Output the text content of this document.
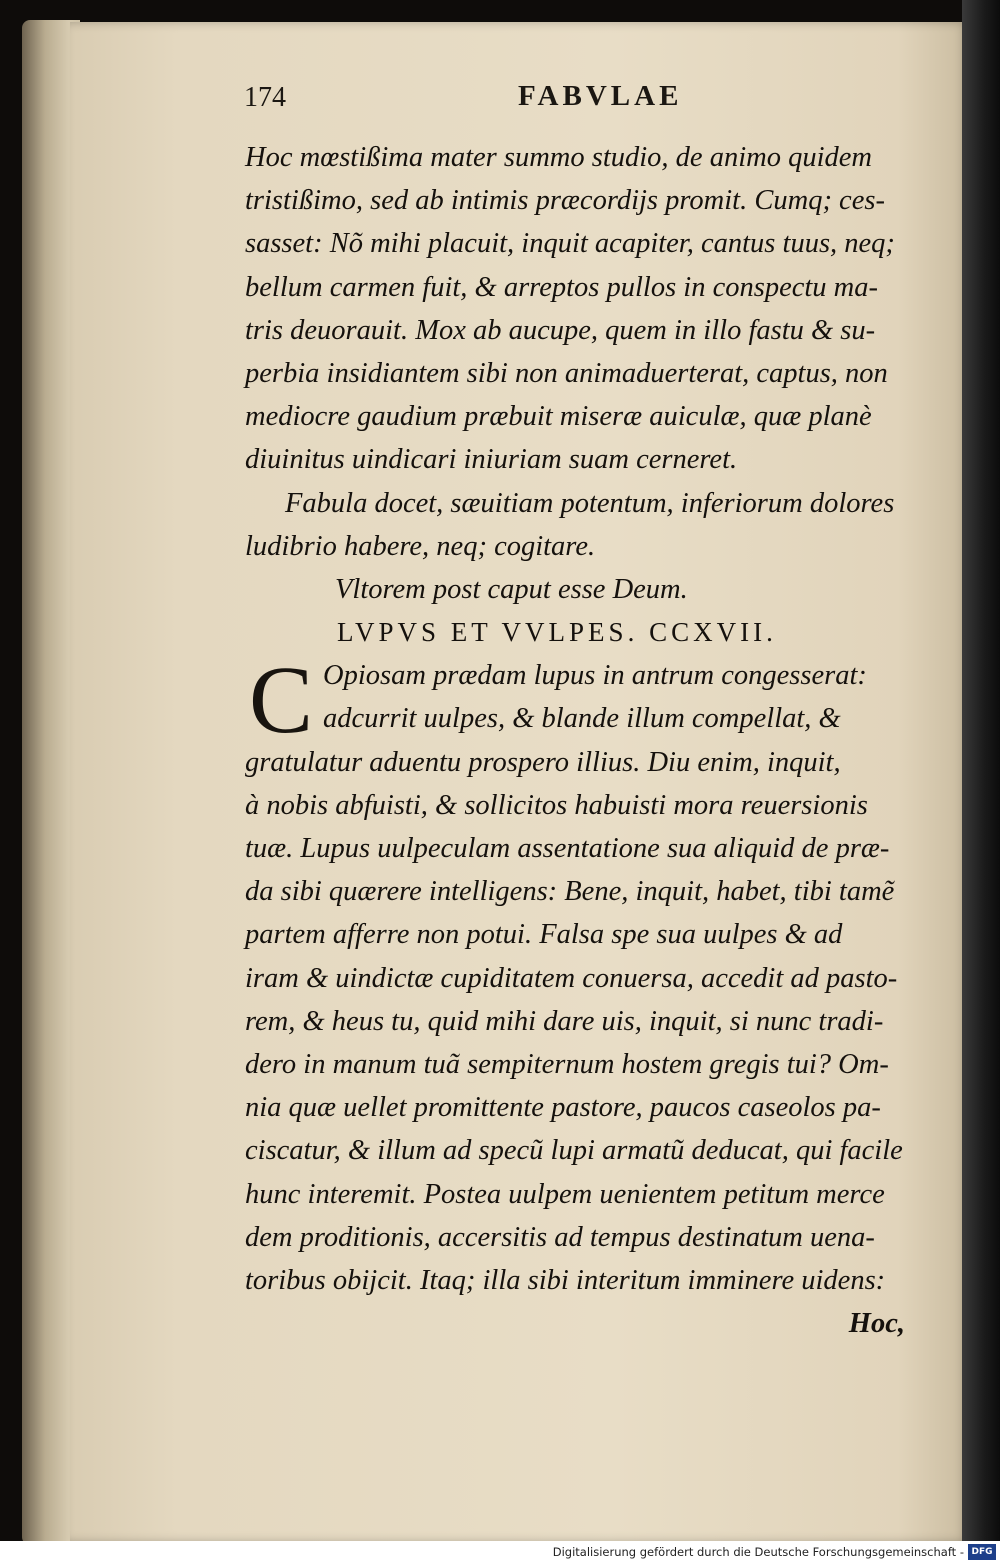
174	FABVLAE
Hoc mœstißima mater summo studio, de animo quidem
tristißimo, sed ab intimis præcordijs promit. Cumq; ces-
sasset: Nõ mihi placuit, inquit acapiter, cantus tuus, neq;
bellum carmen fuit, & arreptos pullos in conspectu ma-
tris deuorauit. Mox ab aucupe, quem in illo fastu & su-
perbia insidiantem sibi non animaduerterat, captus, non
mediocre gaudium præbuit miseræ auiculæ, quæ planè
diuinitus uindicari iniuriam suam cerneret.
Fabula docet, sæuitiam potentum, inferiorum dolores
ludibrio habere, neq; cogitare.
Vltorem post caput esse Deum.
LVPVS ET VVLPES. CCXVII.
C Opiosam prædam lupus in antrum congesserat:
adcurrit uulpes, & blande illum compellat, &
gratulatur aduentu prospero illius. Diu enim, inquit,
à nobis abfuisti, & sollicitos habuisti mora reuersionis
tuæ. Lupus uulpeculam assentatione sua aliquid de præ-
da sibi quærere intelligens: Bene, inquit, habet, tibi tamẽ
partem afferre non potui. Falsa spe sua uulpes & ad
iram & uindictæ cupiditatem conuersa, accedit ad pasto-
rem, & heus tu, quid mihi dare uis, inquit, si nunc tradi-
dero in manum tuã sempiternum hostem gregis tui? Om-
nia quæ uellet promittente pastore, paucos caseolos pa-
ciscatur, & illum ad specũ lupi armatũ deducat, qui facile
hunc interemit. Postea uulpem uenientem petitum merce
dem proditionis, accersitis ad tempus destinatum uena-
toribus obijcit. Itaq; illa sibi interitum imminere uidens:
Hoc,
Digitalisierung gefördert durch die Deutsche Forschungsgemeinschaft - DFG
